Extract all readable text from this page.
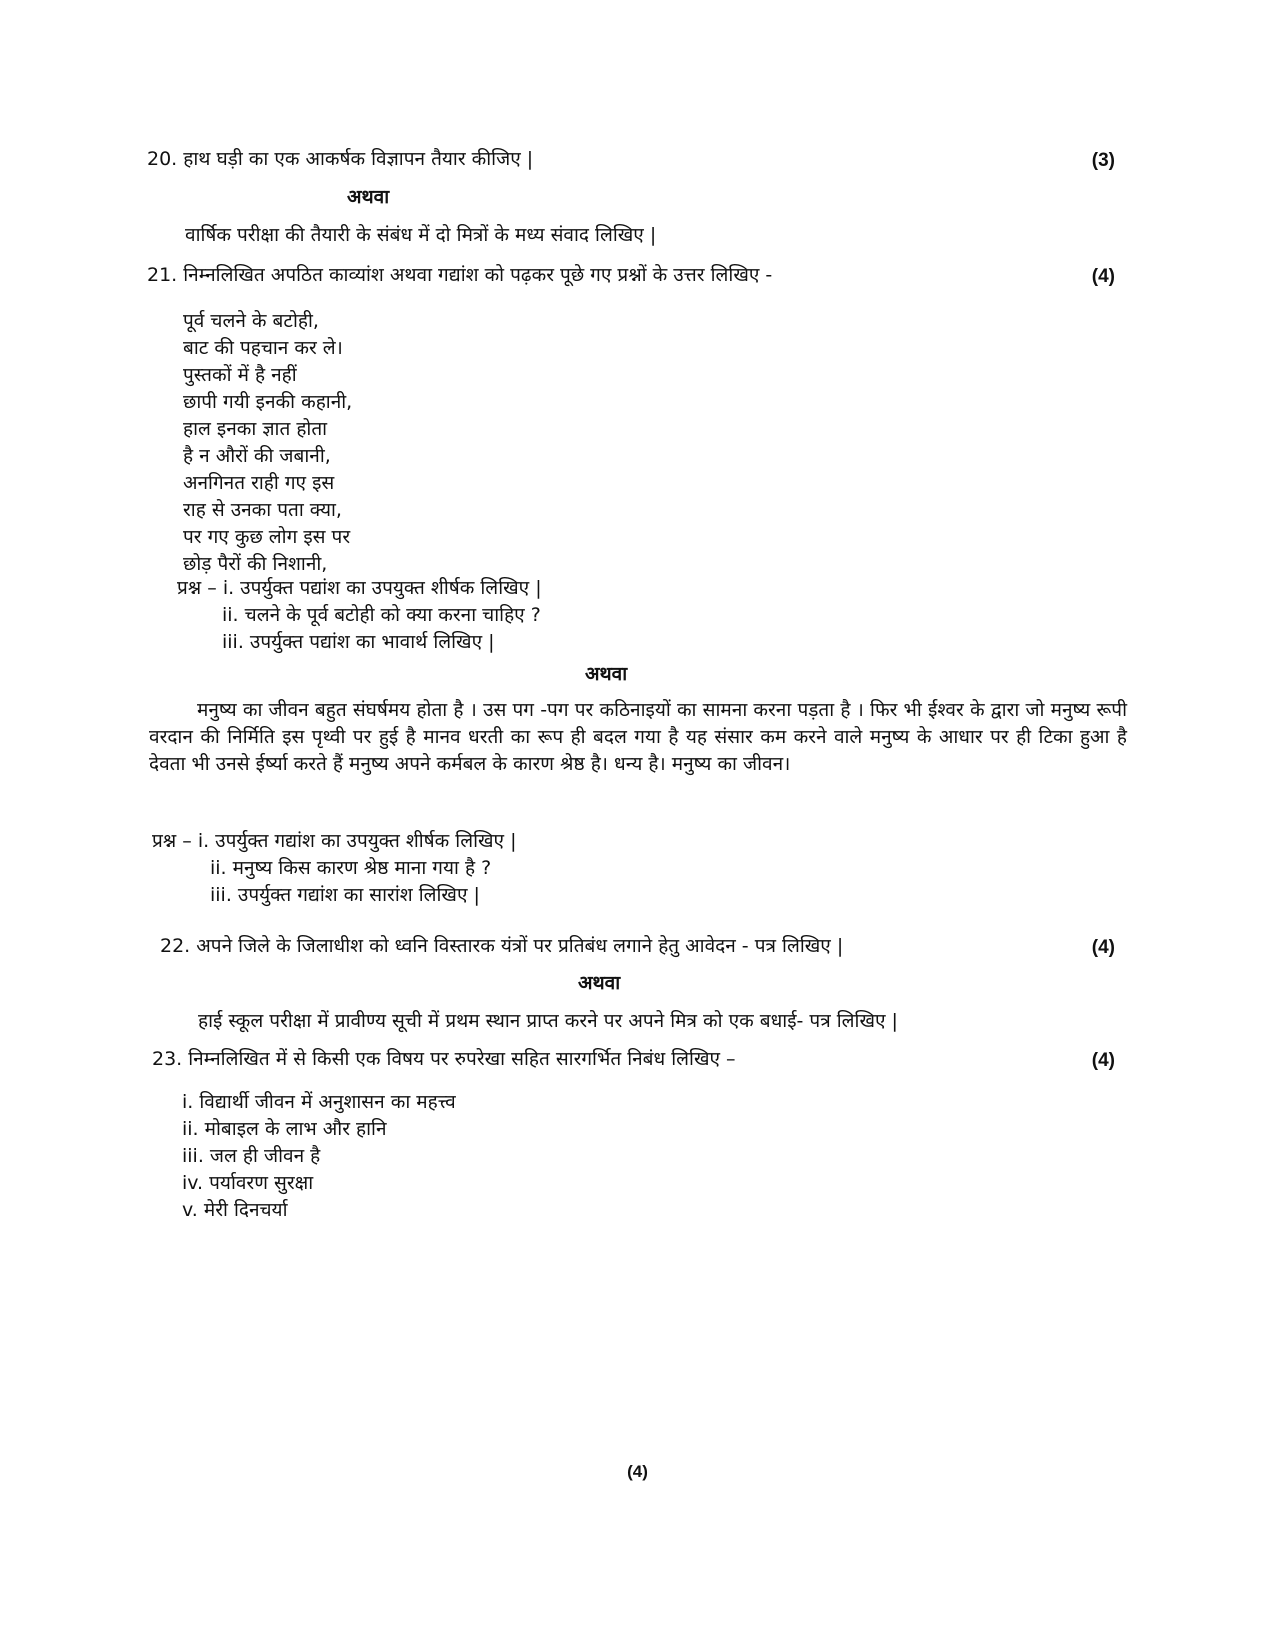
20. हाथ घड़ी का एक आकर्षक विज्ञापन तैयार कीजिए |	(3)
अथवा
वार्षिक परीक्षा की तैयारी के संबंध में दो मित्रों के मध्य संवाद लिखिए |
21. निम्नलिखित अपठित काव्यांश अथवा गद्यांश को पढ़कर पूछे गए प्रश्नों के उत्तर लिखिए -	(4)
पूर्व चलने के बटोही,
बाट की पहचान कर ले।
पुस्तकों में है नहीं
छापी गयी इनकी कहानी,
हाल इनका ज्ञात होता
है न औरों की जबानी,
अनगिनत राही गए इस
राह से उनका पता क्या,
पर गए कुछ लोग इस पर
छोड़ पैरों की निशानी,
प्रश्न – i. उपर्युक्त पद्यांश का उपयुक्त शीर्षक लिखिए |
ii. चलने के पूर्व बटोही को क्या करना चाहिए ?
iii. उपर्युक्त पद्यांश का भावार्थ लिखिए |
अथवा
मनुष्य का जीवन बहुत संघर्षमय होता है । उस पग -पग पर कठिनाइयों का सामना करना पड़ता है । फिर भी ईश्वर के द्वारा जो मनुष्य रूपी वरदान की निर्मिति इस पृथ्वी पर हुई है मानव धरती का रूप ही बदल गया है यह संसार कम करने वाले मनुष्य के आधार पर ही टिका हुआ है देवता भी उनसे ईर्ष्या करते हैं मनुष्य अपने कर्मबल के कारण श्रेष्ठ है। धन्य है। मनुष्य का जीवन।
प्रश्न – i. उपर्युक्त गद्यांश का उपयुक्त शीर्षक लिखिए |
ii. मनुष्य किस कारण श्रेष्ठ माना गया है ?
iii. उपर्युक्त गद्यांश का सारांश लिखिए |
22. अपने जिले के जिलाधीश को ध्वनि विस्तारक यंत्रों पर प्रतिबंध लगाने हेतु आवेदन - पत्र लिखिए |	(4)
अथवा
हाई स्कूल परीक्षा में प्रावीण्य सूची में प्रथम स्थान प्राप्त करने पर अपने मित्र को एक बधाई- पत्र लिखिए |
23. निम्नलिखित में से किसी एक विषय पर रुपरेखा सहित सारगर्भित निबंध लिखिए –	(4)
i. विद्यार्थी जीवन में अनुशासन का महत्त्व
ii. मोबाइल के लाभ और हानि
iii. जल ही जीवन है
iv. पर्यावरण सुरक्षा
v. मेरी दिनचर्या
(4)
